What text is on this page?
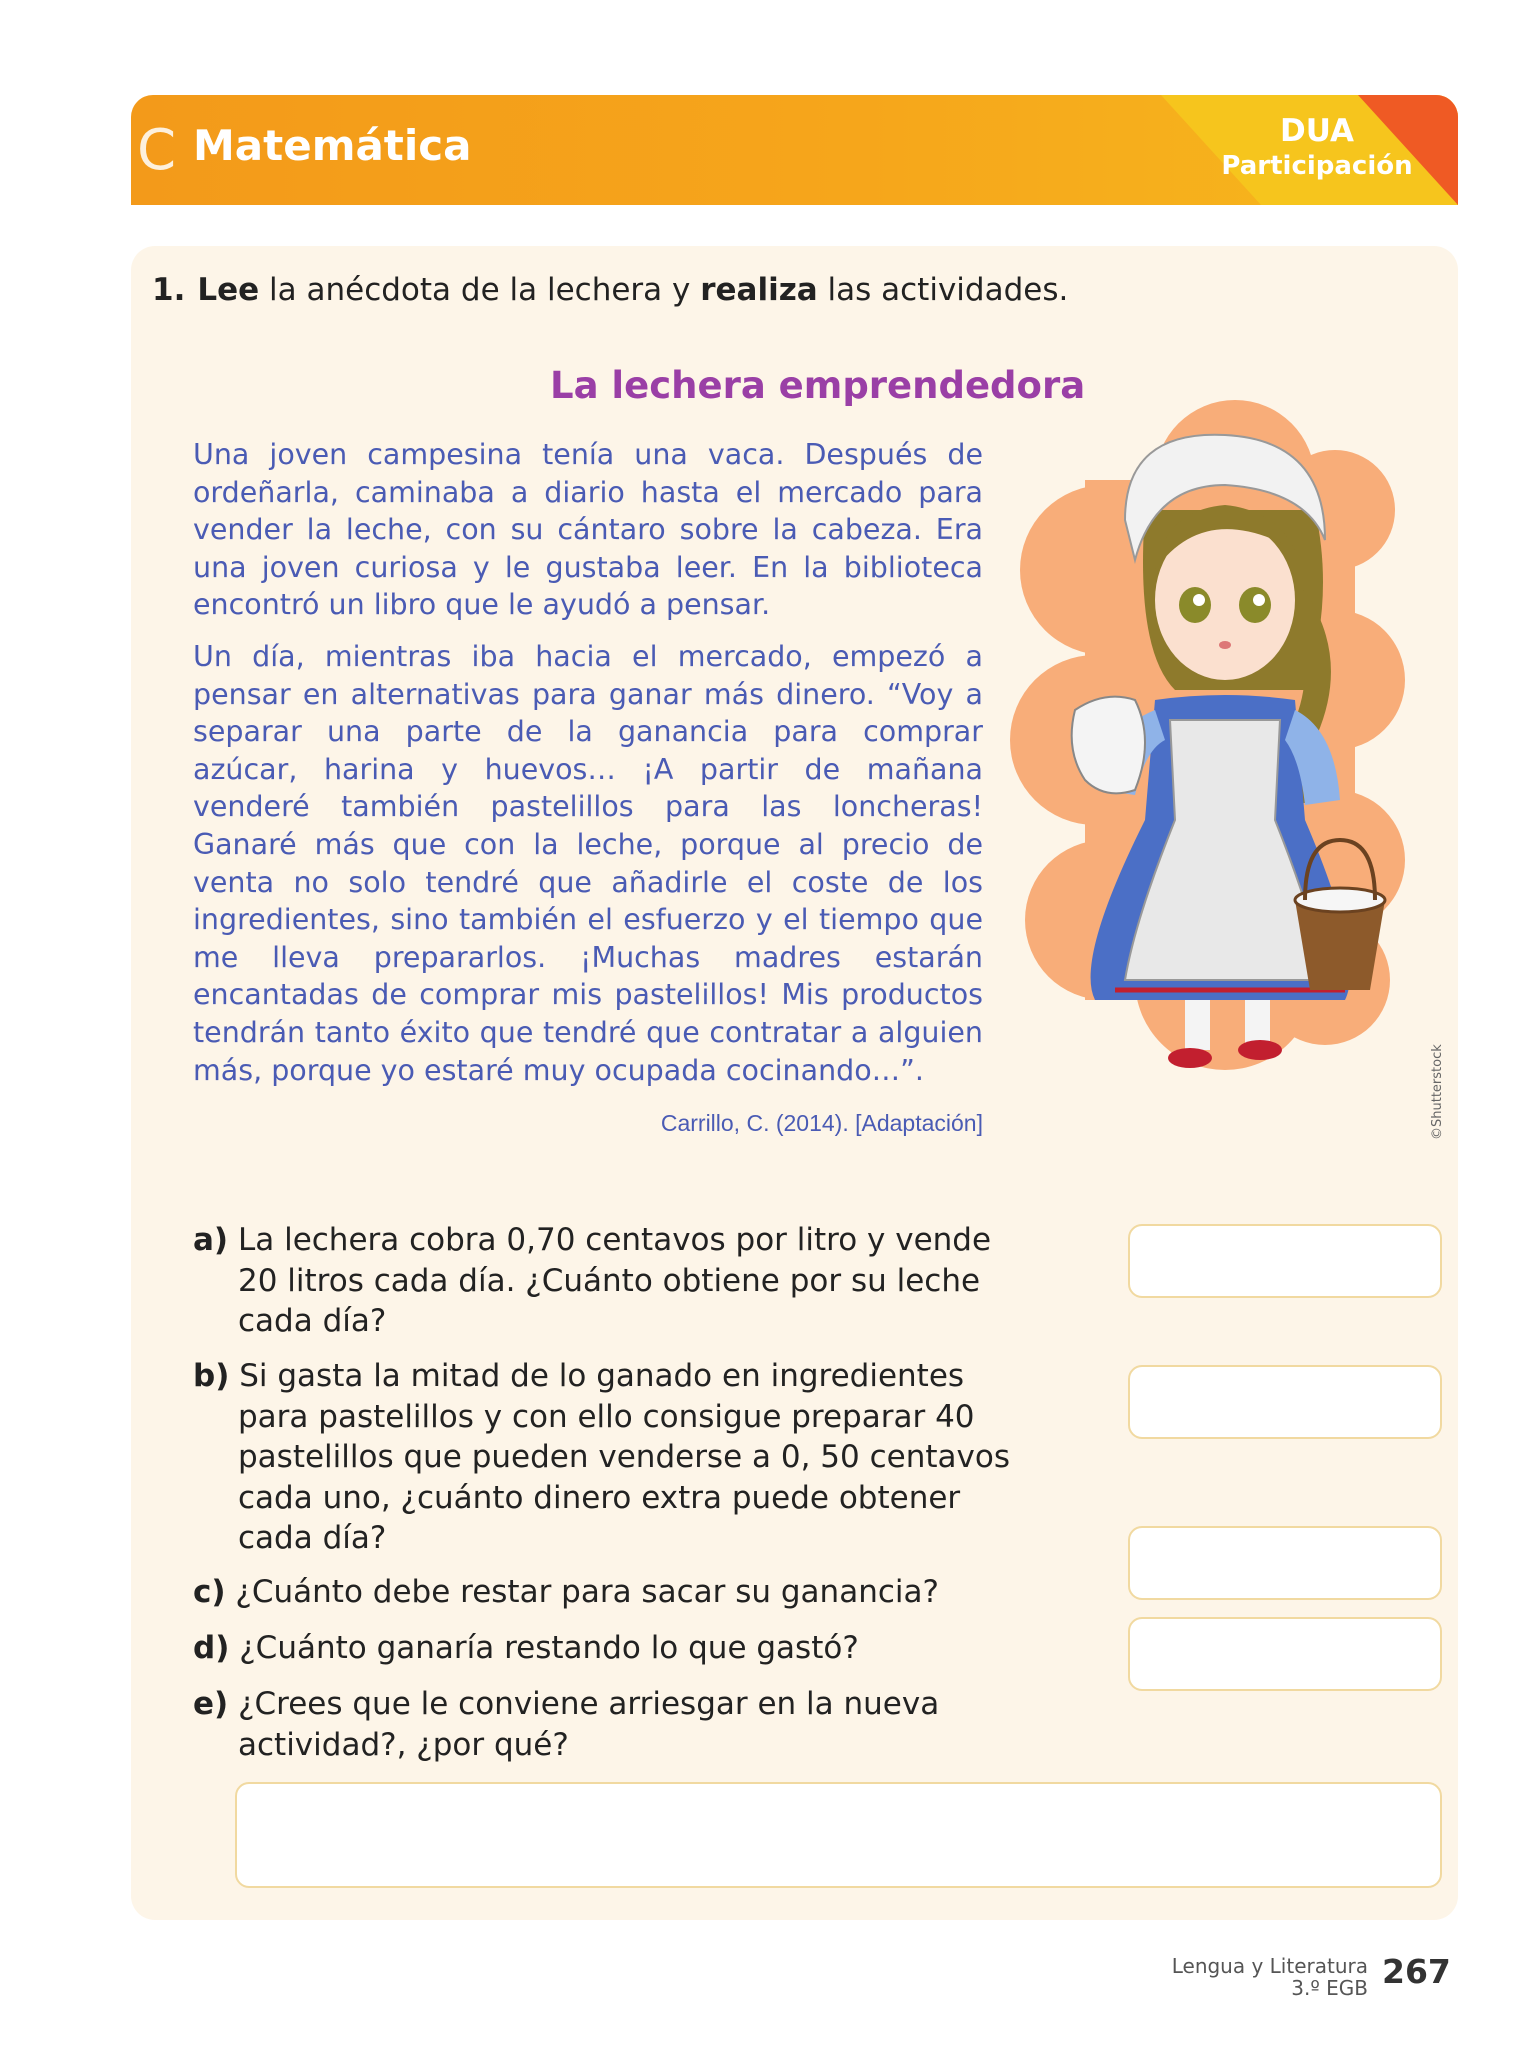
C Matemática	DUA
Participación
1. Lee la anécdota de la lechera y realiza las actividades.
La lechera emprendedora

Una joven campesina tenía una vaca. Después de ordeñarla, caminaba a diario hasta el mercado para vender la leche, con su cántaro sobre la cabeza. Era una joven curiosa y le gustaba leer. En la biblioteca encontró un libro que le ayudó a pensar.

Un día, mientras iba hacia el mercado, empezó a pensar en alternativas para ganar más dinero. “Voy a separar una parte de la ganancia para comprar azúcar, harina y huevos… ¡A partir de mañana venderé también pastelillos para las loncheras! Ganaré más que con la leche, porque al precio de venta no solo tendré que añadirle el coste de los ingredientes, sino también el esfuerzo y el tiempo que me lleva prepararlos. ¡Muchas madres estarán encantadas de comprar mis pastelillos! Mis productos tendrán tanto éxito que tendré que contratar a alguien más, porque yo estaré muy ocupada cocinando…”.

Carrillo, C. (2014). [Adaptación]	©Shutterstock
a) La lechera cobra 0,70 centavos por litro y vende
20 litros cada día. ¿Cuánto obtiene por su leche
cada día?
b) Si gasta la mitad de lo ganado en ingredientes
para pastelillos y con ello consigue preparar 40
pastelillos que pueden venderse a 0, 50 centavos
cada uno, ¿cuánto dinero extra puede obtener
cada día?
c) ¿Cuánto debe restar para sacar su ganancia?
d) ¿Cuánto ganaría restando lo que gastó?
e) ¿Crees que le conviene arriesgar en la nueva
actividad?, ¿por qué?
Lengua y Literatura
3.º EGB 267
